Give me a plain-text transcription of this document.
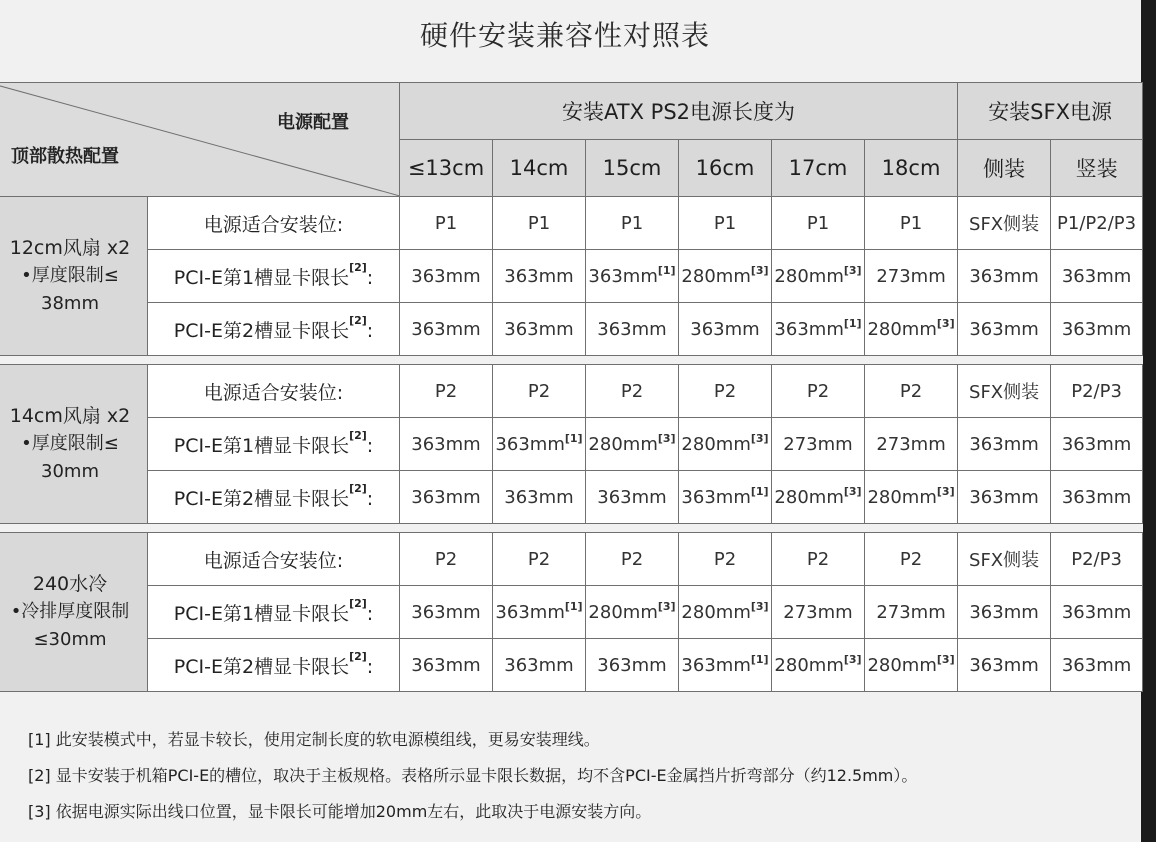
硬件安装兼容性对照表
电源配置
顶部散热配置		安装ATX PS2电源长度为						安装SFX电源	
		≤13cm	14cm	15cm	16cm	17cm	18cm	侧装	竖装

12cm风扇 x2
•厚度限制≤
38mm	电源适合安装位:	P1	P1	P1	P1	P1	P1	SFX侧装	P1/P2/P3
	PCI-E第1槽显卡限长[2]:	363mm	363mm	363mm[1]	280mm[3]	280mm[3]	273mm	363mm	363mm
	PCI-E第2槽显卡限长[2]:	363mm	363mm	363mm	363mm	363mm[1]	280mm[3]	363mm	363mm

14cm风扇 x2
•厚度限制≤
30mm	电源适合安装位:	P2	P2	P2	P2	P2	P2	SFX侧装	P2/P3
	PCI-E第1槽显卡限长[2]:	363mm	363mm[1]	280mm[3]	280mm[3]	273mm	273mm	363mm	363mm
	PCI-E第2槽显卡限长[2]:	363mm	363mm	363mm	363mm[1]	280mm[3]	280mm[3]	363mm	363mm

240水冷
•冷排厚度限制
≤30mm	电源适合安装位:	P2	P2	P2	P2	P2	P2	SFX侧装	P2/P3
	PCI-E第1槽显卡限长[2]:	363mm	363mm[1]	280mm[3]	280mm[3]	273mm	273mm	363mm	363mm
	PCI-E第2槽显卡限长[2]:	363mm	363mm	363mm	363mm[1]	280mm[3]	280mm[3]	363mm	363mm
[1] 此安装模式中，若显卡较长，使用定制长度的软电源模组线，更易安装理线。
[2] 显卡安装于机箱PCI-E的槽位，取决于主板规格。表格所示显卡限长数据，均不含PCI-E金属挡片折弯部分（约12.5mm）。
[3] 依据电源实际出线口位置，显卡限长可能增加20mm左右，此取决于电源安装方向。
